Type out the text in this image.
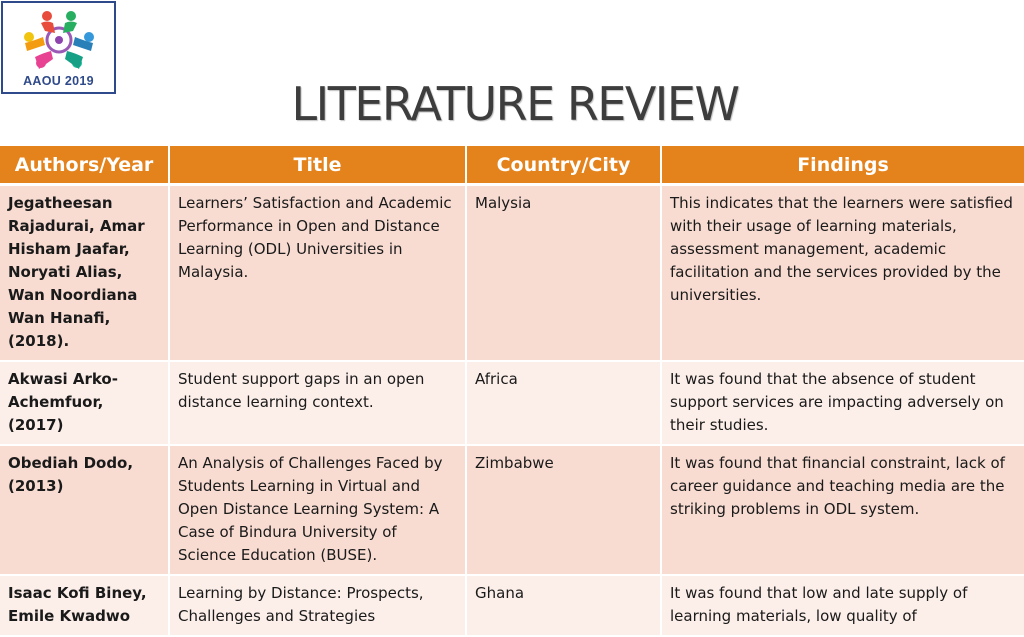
AAOU 2019	LITERATURE REVIEW
Authors/Year	Title	Country/City	Findings
Jegatheesan Rajadurai, Amar Hisham Jaafar, Noryati Alias, Wan Noordiana Wan Hanafi, (2018).	Learners’ Satisfaction and Academic Performance in Open and Distance Learning (ODL) Universities in Malaysia.	Malysia	This indicates that the learners were satisfied with their usage of learning materials, assessment management, academic facilitation and the services provided by the universities.
Akwasi Arko-Achemfuor, (2017)	Student support gaps in an open distance learning context.	Africa	It was found that the absence of student support services are impacting adversely on their studies.
Obediah Dodo, (2013)	An Analysis of Challenges Faced by Students Learning in Virtual and Open Distance Learning System: A Case of Bindura University of Science Education (BUSE).	Zimbabwe	It was found that financial constraint, lack of career guidance and teaching media are the striking problems in ODL system.
Isaac Kofi Biney, Emile Kwadwo	Learning by Distance: Prospects, Challenges and Strategies	Ghana	It was found that low and late supply of learning materials, low quality of
